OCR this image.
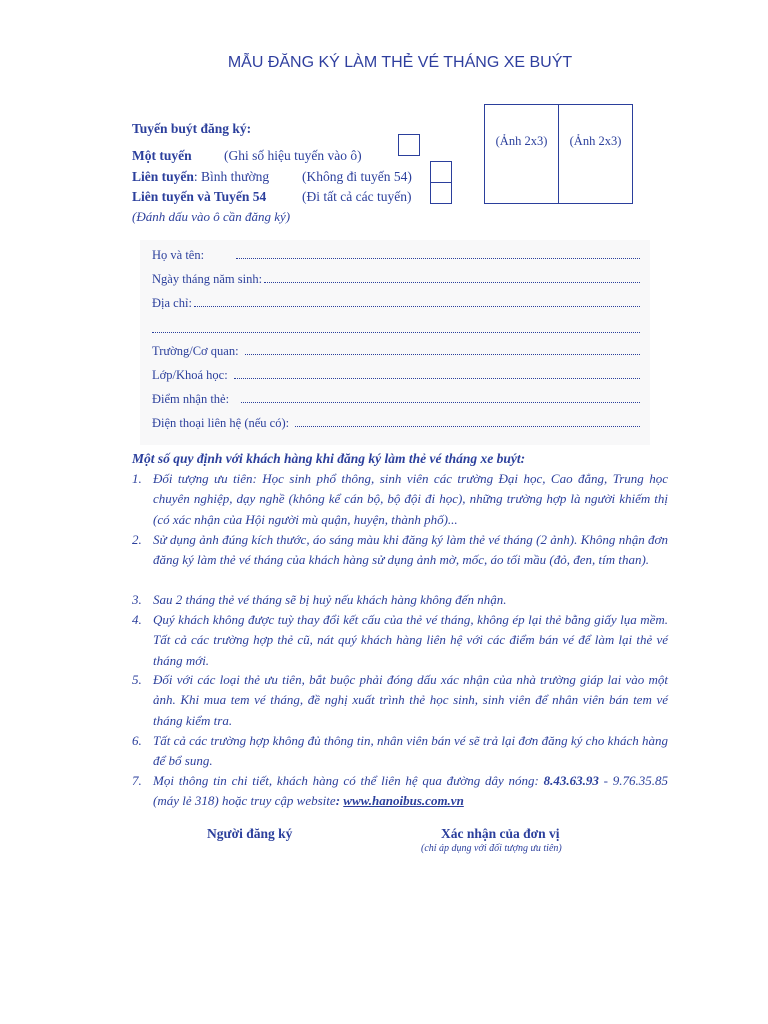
MẪU ĐĂNG KÝ LÀM THẺ VÉ THÁNG XE BUÝT
Tuyến buýt đăng ký:
Một tuyến (Ghi số hiệu tuyến vào ô)
Liên tuyến: Bình thường (Không đi tuyến 54)
Liên tuyến và Tuyến 54	(Đi tất cả các tuyến)
(Đánh dấu vào ô cần đăng ký)
(Ảnh 2x3)	(Ảnh 2x3)
Họ và tên:
Ngày tháng năm sinh:
Địa chỉ:
Trường/Cơ quan:
Lớp/Khoá học:
Điểm nhận thẻ:
Điện thoại liên hệ (nếu có):
Một số quy định với khách hàng khi đăng ký làm thẻ vé tháng xe buýt:
1. Đối tượng ưu tiên: Học sinh phổ thông, sinh viên các trường Đại học, Cao đẳng, Trung học chuyên nghiệp, dạy nghề (không kể cán bộ, bộ đội đi học), những trường hợp là người khiếm thị (có xác nhận của Hội người mù quận, huyện, thành phố)...
2. Sử dụng ảnh đúng kích thước, áo sáng màu khi đăng ký làm thẻ vé tháng (2 ảnh). Không nhận đơn đăng ký làm thẻ vé tháng của khách hàng sử dụng ảnh mờ, mốc, áo tối mầu (đỏ, đen, tím than).
3. Sau 2 tháng thẻ vé tháng sẽ bị huỷ nếu khách hàng không đến nhận.
4. Quý khách không được tuỳ thay đổi kết cấu của thẻ vé tháng, không ép lại thẻ bằng giấy lụa mềm. Tất cả các trường hợp thẻ cũ, nát quý khách hàng liên hệ với các điểm bán vé để làm lại thẻ vé tháng mới.
5. Đối với các loại thẻ ưu tiên, bắt buộc phải đóng dấu xác nhận của nhà trường giáp lai vào một ảnh. Khi mua tem vé tháng, đề nghị xuất trình thẻ học sinh, sinh viên để nhân viên bán tem vé tháng kiểm tra.
6. Tất cả các trường hợp không đủ thông tin, nhân viên bán vé sẽ trả lại đơn đăng ký cho khách hàng để bổ sung.
7. Mọi thông tin chi tiết, khách hàng có thể liên hệ qua đường dây nóng: 8.43.63.93 - 9.76.35.85 (máy lẻ 318) hoặc truy cập website: www.hanoibus.com.vn
Người đăng ký	Xác nhận của đơn vị
(chỉ áp dụng với đối tượng ưu tiên)
